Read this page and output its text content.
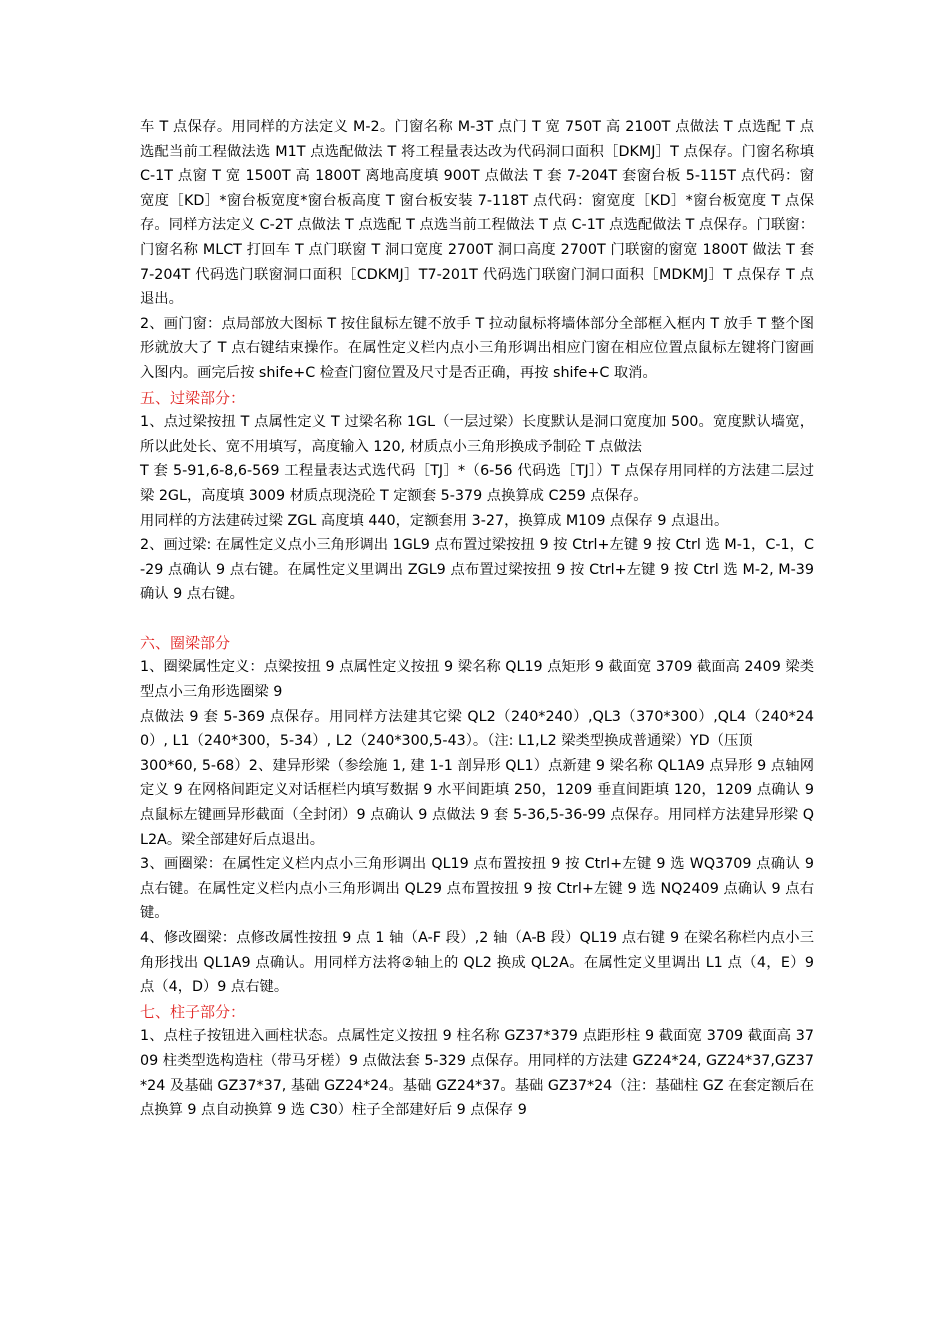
车 T 点保存。用同样的方法定义 M-2。门窗名称 M-3T 点门 T 宽 750T 高 2100T 点做法 T 点选配 T 点选配当前工程做法选 M1T 点选配做法 T 将工程量表达改为代码洞口面积［DKMJ］T 点保存。门窗名称填 C-1T 点窗 T 宽 1500T 高 1800T 离地高度填 900T 点做法 T 套 7-204T 套窗台板 5-115T 点代码：窗宽度［KD］*窗台板宽度*窗台板高度 T 窗台板安装 7-118T 点代码：窗宽度［KD］*窗台板宽度 T 点保存。同样方法定义 C-2T 点做法 T 点选配 T 点选当前工程做法 T 点 C-1T 点选配做法 T 点保存。门联窗：门窗名称 MLCT 打回车 T 点门联窗 T 洞口宽度 2700T 洞口高度 2700T 门联窗的窗宽 1800T 做法 T 套 7-204T 代码选门联窗洞口面积［CDKMJ］T7-201T 代码选门联窗门洞口面积［MDKMJ］T 点保存 T 点退出。

2、画门窗：点局部放大图标 T 按住鼠标左键不放手 T 拉动鼠标将墙体部分全部框入框内 T 放手 T 整个图形就放大了 T 点右键结束操作。在属性定义栏内点小三角形调出相应门窗在相应位置点鼠标左键将门窗画入图内。画完后按 shife+C 检查门窗位置及尺寸是否正确，再按 shife+C 取消。

五、过梁部分：

1、点过梁按扭 T 点属性定义 T 过梁名称 1GL（一层过梁）长度默认是洞口宽度加 500。宽度默认墙宽，所以此处长、宽不用填写，高度输入 120, 材质点小三角形换成予制砼 T 点做法

T 套 5-91,6-8,6-569 工程量表达式选代码［TJ］*（6-56 代码选［TJ］）T 点保存用同样的方法建二层过梁 2GL，高度填 3009 材质点现浇砼 T 定额套 5-379 点换算成 C259 点保存。

用同样的方法建砖过梁 ZGL 高度填 440，定额套用 3-27，换算成 M109 点保存 9 点退出。

2、画过梁: 在属性定义点小三角形调出 1GL9 点布置过梁按扭 9 按 Ctrl+左键 9 按 Ctrl 选 M-1，C-1，C-29 点确认 9 点右键。在属性定义里调出 ZGL9 点布置过梁按扭 9 按 Ctrl+左键 9 按 Ctrl 选 M-2, M-39 确认 9 点右键。

六、圈梁部分

1、圈梁属性定义：点梁按扭 9 点属性定义按扭 9 梁名称 QL19 点矩形 9 截面宽 3709 截面高 2409 梁类型点小三角形选圈梁 9

点做法 9 套 5-369 点保存。用同样方法建其它梁 QL2（240*240）,QL3（370*300）,QL4（240*240）, L1（240*300，5-34）, L2（240*300,5-43）。（注: L1,L2 梁类型换成普通梁）YD（压顶

300*60, 5-68）2、建异形梁（参绘施 1, 建 1-1 剖异形 QL1）点新建 9 梁名称 QL1A9 点异形 9 点轴网定义 9 在网格间距定义对话框栏内填写数据 9 水平间距填 250，1209 垂直间距填 120，1209 点确认 9 点鼠标左键画异形截面（全封闭）9 点确认 9 点做法 9 套 5-36,5-36-99 点保存。用同样方法建异形梁 QL2A。梁全部建好后点退出。

3、画圈梁：在属性定义栏内点小三角形调出 QL19 点布置按扭 9 按 Ctrl+左键 9 选 WQ3709 点确认 9 点右键。在属性定义栏内点小三角形调出 QL29 点布置按扭 9 按 Ctrl+左键 9 选 NQ2409 点确认 9 点右键。

4、修改圈梁：点修改属性按扭 9 点 1 轴（A-F 段）,2 轴（A-B 段）QL19 点右键 9 在梁名称栏内点小三角形找出 QL1A9 点确认。用同样方法将②轴上的 QL2 换成 QL2A。在属性定义里调出 L1 点（4，E）9 点（4，D）9 点右键。

七、柱子部分：

1、点柱子按钮进入画柱状态。点属性定义按扭 9 柱名称 GZ37*379 点距形柱 9 截面宽 3709 截面高 3709 柱类型选构造柱（带马牙槎）9 点做法套 5-329 点保存。用同样的方法建 GZ24*24, GZ24*37,GZ37*24 及基础 GZ37*37, 基础 GZ24*24。基础 GZ24*37。基础 GZ37*24（注：基础柱 GZ 在套定额后在点换算 9 点自动换算 9 选 C30）柱子全部建好后 9 点保存 9
